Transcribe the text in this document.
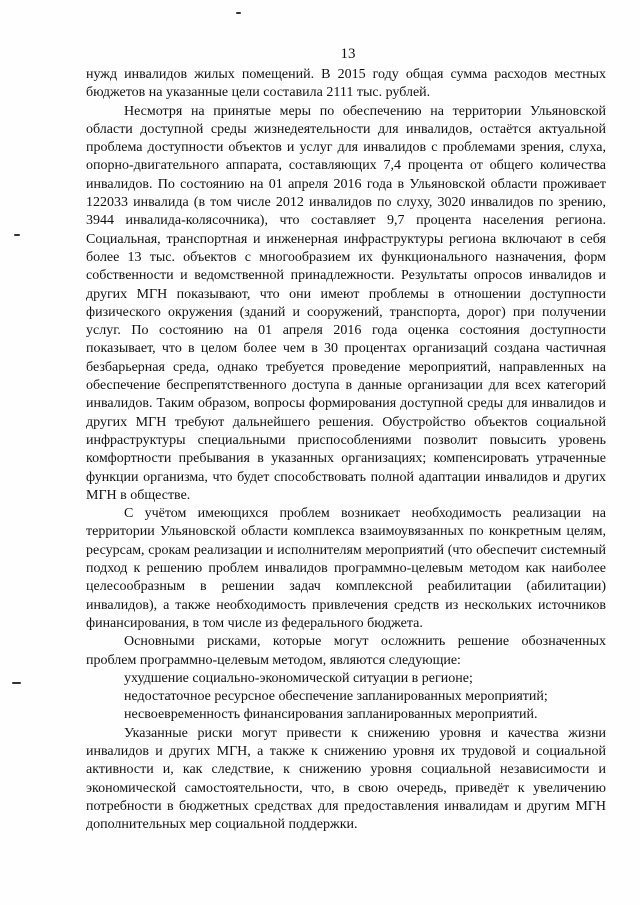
13

нужд инвалидов жилых помещений. В 2015 году общая сумма расходов местных бюджетов на указанные цели составила 2111 тыс. рублей.

Несмотря на принятые меры по обеспечению на территории Ульяновской области доступной среды жизнедеятельности для инвалидов, остаётся актуальной проблема доступности объектов и услуг для инвалидов с проблемами зрения, слуха, опорно-двигательного аппарата, составляющих 7,4 процента от общего количества инвалидов. По состоянию на 01 апреля 2016 года в Ульяновской области проживает 122033 инвалида (в том числе 2012 инвалидов по слуху, 3020 инвалидов по зрению, 3944 инвалида-колясочника), что составляет 9,7 процента населения региона. Социальная, транспортная и инженерная инфраструктуры региона включают в себя более 13 тыс. объектов с многообразием их функционального назначения, форм собственности и ведомственной принадлежности. Результаты опросов инвалидов и других МГН показывают, что они имеют проблемы в отношении доступности физического окружения (зданий и сооружений, транспорта, дорог) при получении услуг. По состоянию на 01 апреля 2016 года оценка состояния доступности показывает, что в целом более чем в 30 процентах организаций создана частичная безбарьерная среда, однако требуется проведение мероприятий, направленных на обеспечение беспрепятственного доступа в данные организации для всех категорий инвалидов. Таким образом, вопросы формирования доступной среды для инвалидов и других МГН требуют дальнейшего решения. Обустройство объектов социальной инфраструктуры специальными приспособлениями позволит повысить уровень комфортности пребывания в указанных организациях; компенсировать утраченные функции организма, что будет способствовать полной адаптации инвалидов и других МГН в обществе.

С учётом имеющихся проблем возникает необходимость реализации на территории Ульяновской области комплекса взаимоувязанных по конкретным целям, ресурсам, срокам реализации и исполнителям мероприятий (что обеспечит системный подход к решению проблем инвалидов программно-целевым методом как наиболее целесообразным в решении задач комплексной реабилитации (абилитации) инвалидов), а также необходимость привлечения средств из нескольких источников финансирования, в том числе из федерального бюджета.

Основными рисками, которые могут осложнить решение обозначенных проблем программно-целевым методом, являются следующие:

ухудшение социально-экономической ситуации в регионе;

недостаточное ресурсное обеспечение запланированных мероприятий;

несвоевременность финансирования запланированных мероприятий.

Указанные риски могут привести к снижению уровня и качества жизни инвалидов и других МГН, а также к снижению уровня их трудовой и социальной активности и, как следствие, к снижению уровня социальной независимости и экономической самостоятельности, что, в свою очередь, приведёт к увеличению потребности в бюджетных средствах для предоставления инвалидам и другим МГН дополнительных мер социальной поддержки.
